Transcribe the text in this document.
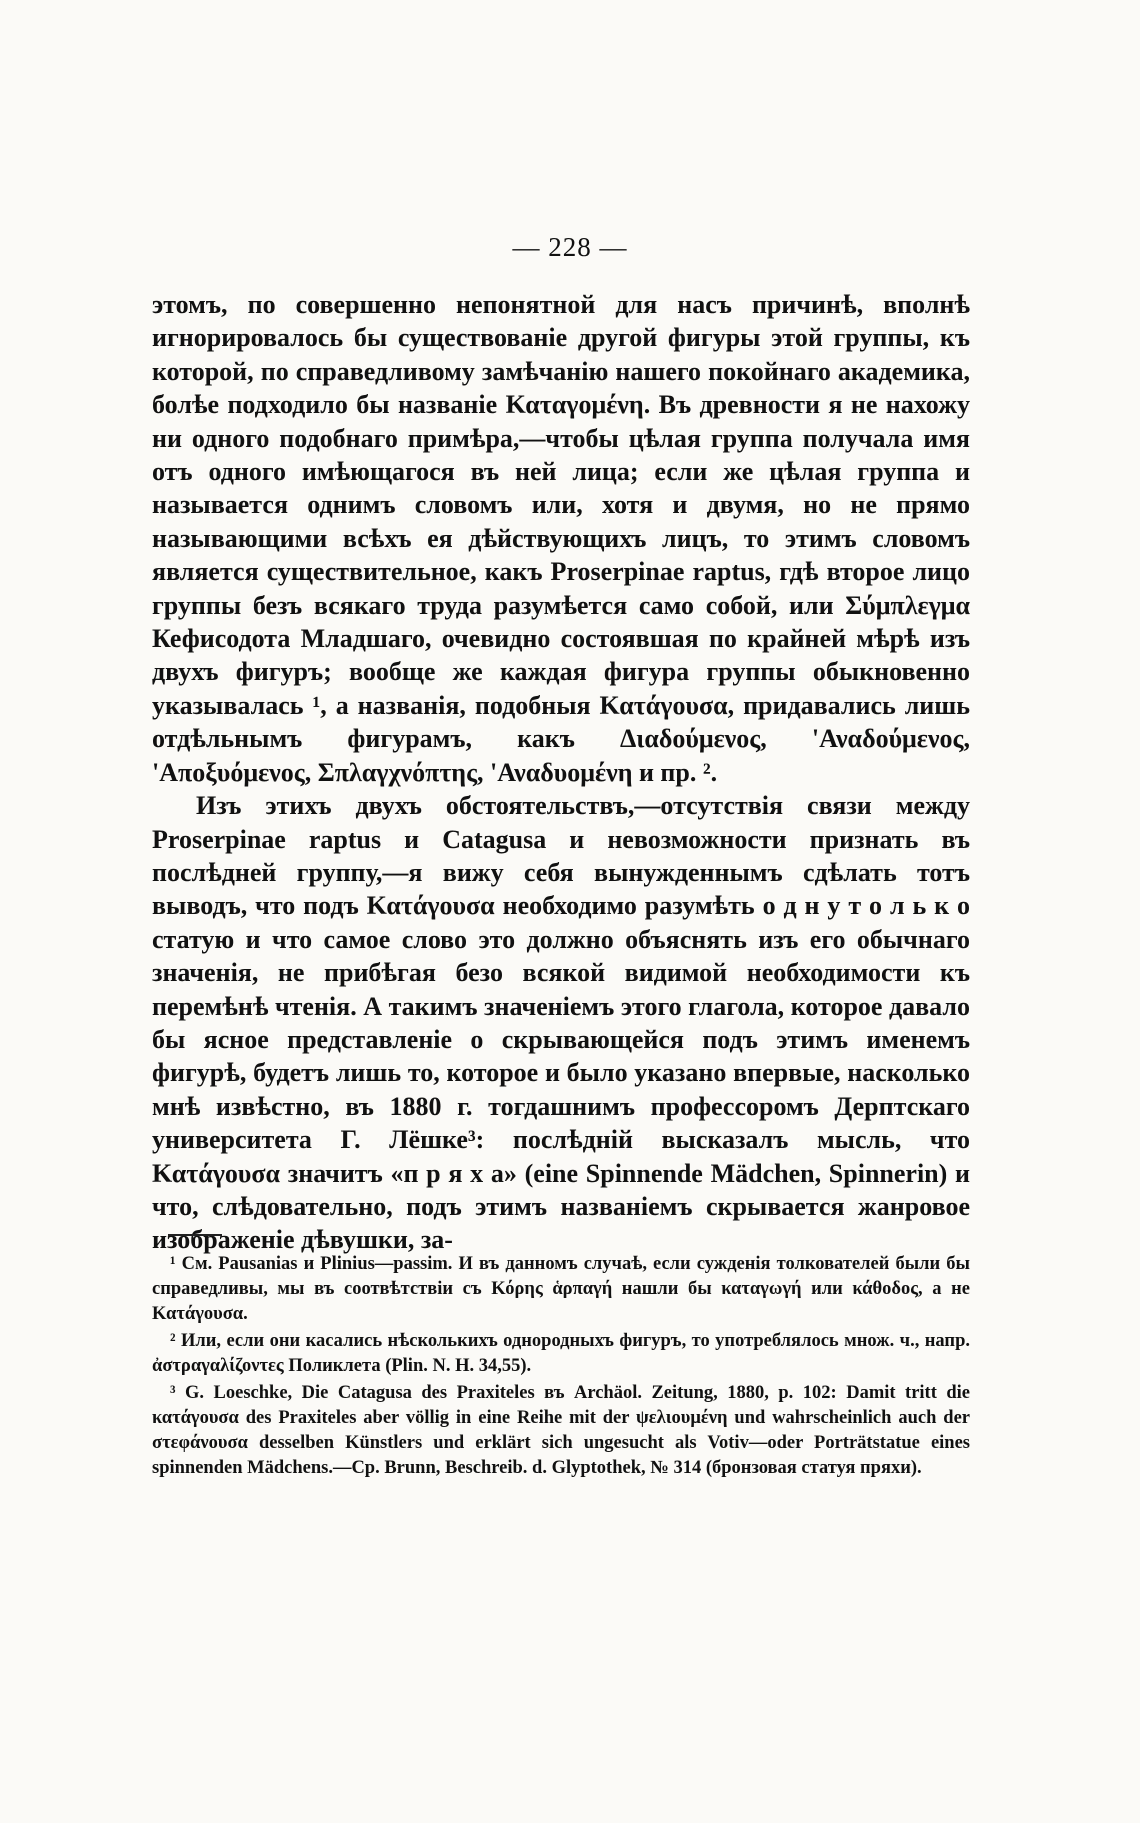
— 228 —

этомъ, по совершенно непонятной для насъ причинѣ, вполнѣ игнорировалось бы существованіе другой фигуры этой группы, къ которой, по справедливому замѣчанію нашего покойнаго академика, болѣе подходило бы названіе Καταγομένη. Въ древности я не нахожу ни одного подобнаго примѣра,—чтобы цѣлая группа получала имя отъ одного имѣющагося въ ней лица; если же цѣлая группа и называется однимъ словомъ или, хотя и двумя, но не прямо называющими всѣхъ ея дѣйствующихъ лицъ, то этимъ словомъ является существительное, какъ Proserpinae raptus, гдѣ второе лицо группы безъ всякаго труда разумѣется само собой, или Σύμπλεγμα Кефисодота Младшаго, очевидно состоявшая по крайней мѣрѣ изъ двухъ фигуръ; вообще же каждая фигура группы обыкновенно указывалась ¹, а названія, подобныя Κατάγουσα, придавались лишь отдѣльнымъ фигурамъ, какъ Διαδούμενος, 'Αναδούμενος, 'Αποξυόμενος, Σπλαγχνόπτης, 'Αναδυομένη и пр. ².

Изъ этихъ двухъ обстоятельствъ,—отсутствія связи между Proserpinae raptus и Catagusa и невозможности признать въ послѣдней группу,—я вижу себя вынужденнымъ сдѣлать тотъ выводъ, что подъ Κατάγουσα необходимо разумѣть о д н у т о л ь к о статую и что самое слово это должно объяснять изъ его обычнаго значенія, не прибѣгая безо всякой видимой необходимости къ перемѣнѣ чтенія. А такимъ значеніемъ этого глагола, которое давало бы ясное представленіе о скрывающейся подъ этимъ именемъ фигурѣ, будетъ лишь то, которое и было указано впервые, насколько мнѣ извѣстно, въ 1880 г. тогдашнимъ профессоромъ Дерптскаго университета Г. Лёшке³: послѣдній высказалъ мысль, что Κατάγουσα значитъ «п р я х а» (eine Spinnende Mädchen, Spinnerin) и что, слѣдовательно, подъ этимъ названіемъ скрывается жанровое изображеніе дѣвушки, за-

¹ См. Pausanias и Plinius—passim. И въ данномъ случаѣ, если сужденія толкователей были бы справедливы, мы въ соотвѣтствіи съ Κόρης ἁρπαγή нашли бы καταγωγή или κάθοδος, а не Κατάγουσα.

² Или, если они касались нѣсколькихъ однородныхъ фигуръ, то употреблялось множ. ч., напр. ἀστραγαλίζοντες Поликлета (Plin. N. H. 34,55).

³ G. Loeschke, Die Catagusa des Praxiteles въ Archäol. Zeitung, 1880, p. 102: Damit tritt die κατάγουσα des Praxiteles aber völlig in eine Reihe mit der ψελιουμένη und wahrscheinlich auch der στεφάνουσα desselben Künstlers und erklärt sich ungesucht als Votiv—oder Porträtstatue eines spinnenden Mädchens.—Cp. Brunn, Beschreib. d. Glyptothek, № 314 (бронзовая статуя пряхи).
